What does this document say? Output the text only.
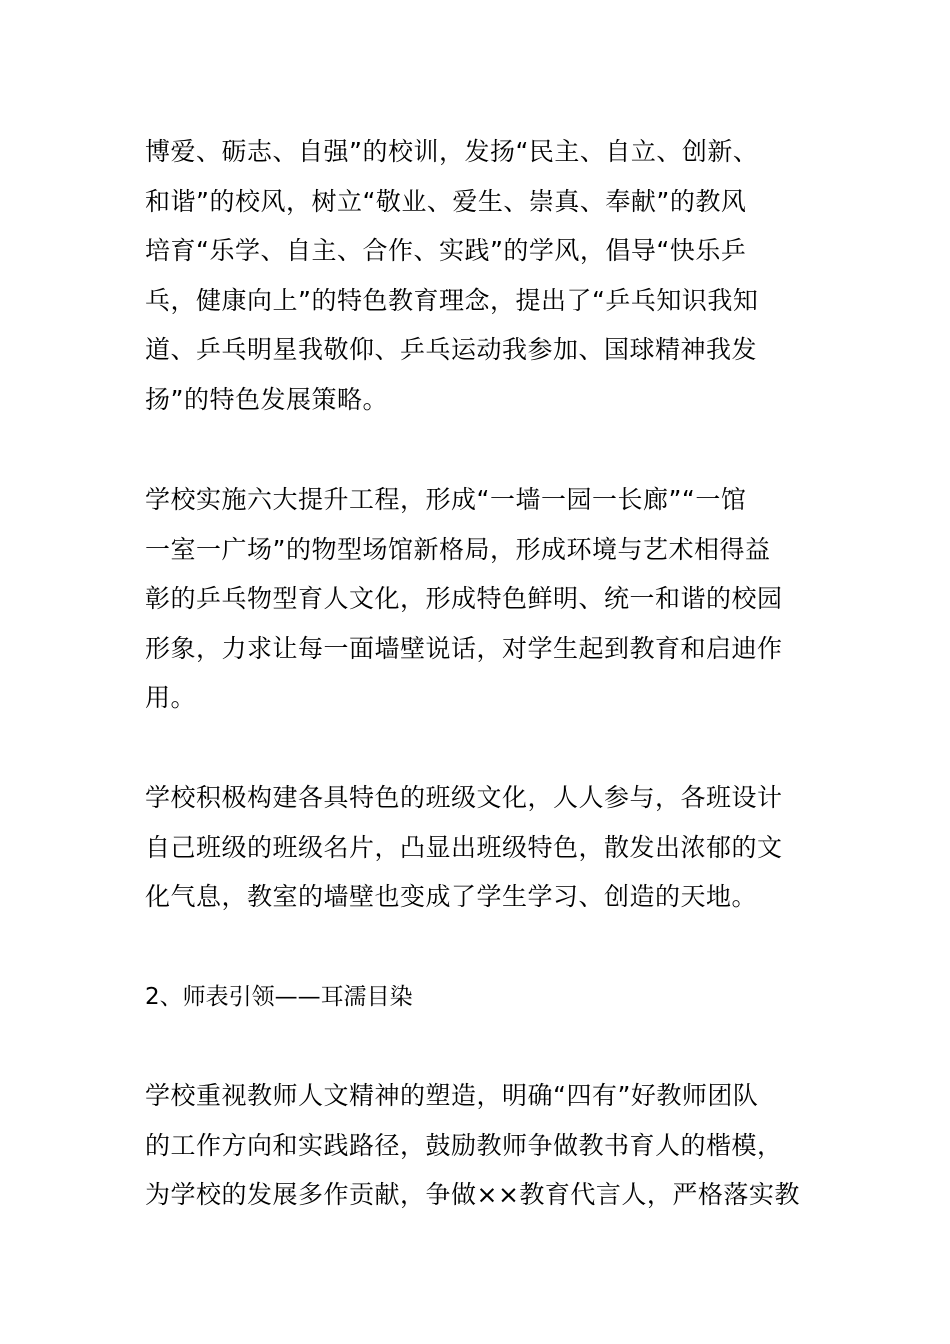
博爱、砺志、自强”的校训，发扬“民主、自立、创新、
和谐”的校风，树立“敬业、爱生、崇真、奉献”的教风
培育“乐学、自主、合作、实践”的学风，倡导“快乐乒
乓，健康向上”的特色教育理念，提出了“乒乓知识我知
道、乒乓明星我敬仰、乒乓运动我参加、国球精神我发
扬”的特色发展策略。

学校实施六大提升工程，形成“一墙一园一长廊”“一馆
一室一广场”的物型场馆新格局，形成环境与艺术相得益
彰的乒乓物型育人文化，形成特色鲜明、统一和谐的校园
形象，力求让每一面墙壁说话，对学生起到教育和启迪作
用。

学校积极构建各具特色的班级文化，人人参与，各班设计
自己班级的班级名片，凸显出班级特色，散发出浓郁的文
化气息，教室的墙壁也变成了学生学习、创造的天地。

2、师表引领——耳濡目染

学校重视教师人文精神的塑造，明确“四有”好教师团队
的工作方向和实践路径，鼓励教师争做教书育人的楷模，
为学校的发展多作贡献，争做××教育代言人，严格落实教
